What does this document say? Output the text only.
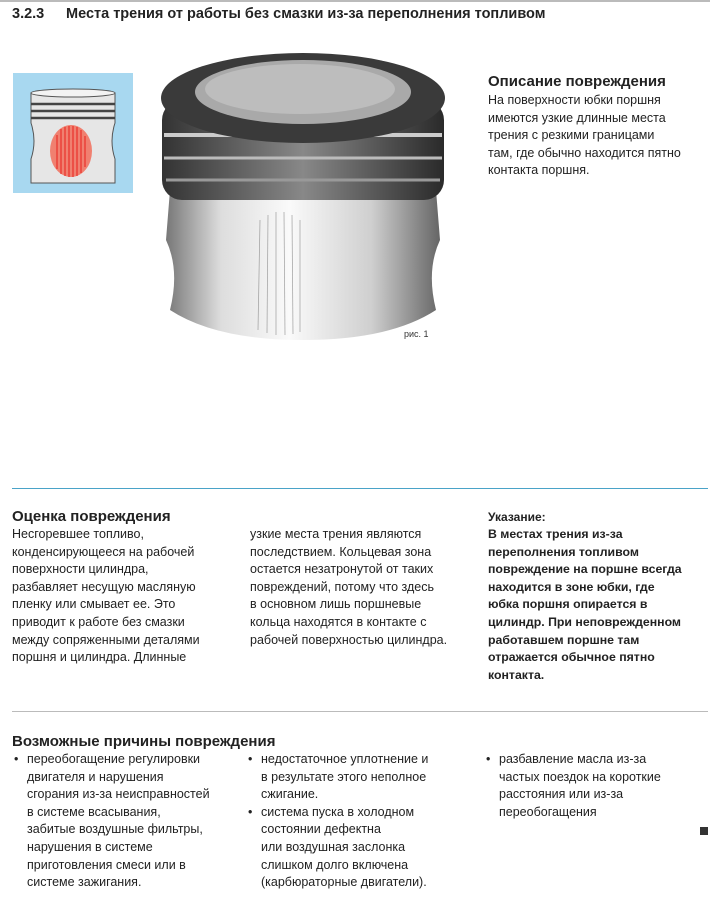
3.2.3 Места трения от работы без смазки из-за переполнения топливом
рис. 1
Описание повреждения
На поверхности юбки поршня
имеются узкие длинные места
трения с резкими границами
там, где обычно находится пятно
контакта поршня.
Оценка повреждения
Несгоревшее топливо,
конденсирующееся на рабочей
поверхности цилиндра,
разбавляет несущую масляную
пленку или смывает ее. Это
приводит к работе без смазки
между сопряженными деталями
поршня и цилиндра. Длинные
узкие места трения являются
последствием. Кольцевая зона
остается незатронутой от таких
повреждений, потому что здесь
в основном лишь поршневые
кольца находятся в контакте с
рабочей поверхностью цилиндра.
Указание:
В местах трения из-за
переполнения топливом
повреждение на поршне всегда
находится в зоне юбки, где
юбка поршня опирается в
цилиндр. При неповрежденном
работавшем поршне там
отражается обычное пятно
контакта.
Возможные причины повреждения
• переобогащение регулировки
двигателя и нарушения
сгорания из-за неисправностей
в системе всасывания,
забитые воздушные фильтры,
нарушения в системе
приготовления смеси или в
системе зажигания.
• недостаточное уплотнение и
в результате этого неполное
сжигание.
• система пуска в холодном
состоянии дефектна
или воздушная заслонка
слишком долго включена
(карбюраторные двигатели).
• разбавление масла из-за
частых поездок на короткие
расстояния или из-за
переобогащения
